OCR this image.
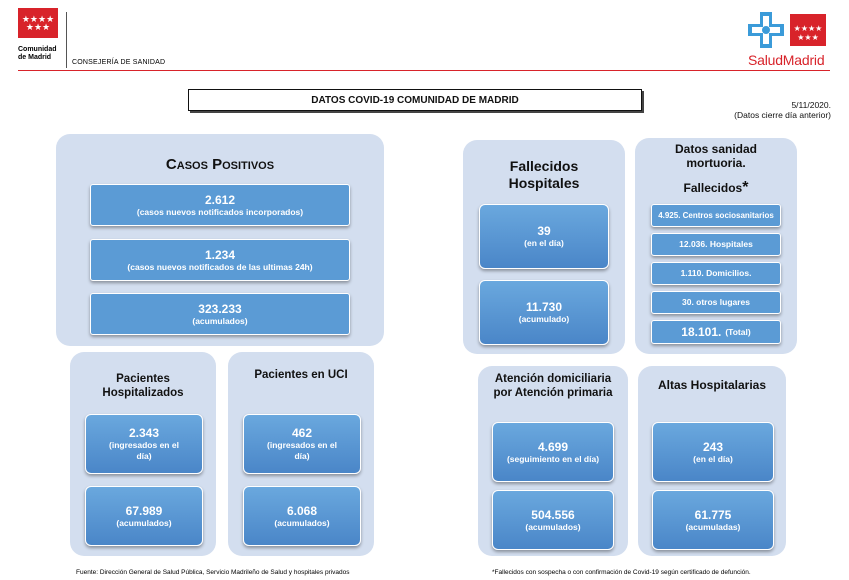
★★★★
★★★
Comunidad
de Madrid
CONSEJERÍA DE SANIDAD
★★★★
★★★
SaludMadrid
DATOS COVID-19 COMUNIDAD DE MADRID	5/11/2020.
(Datos cierre día anterior)
Casos Positivos
2.612
(casos nuevos notificados incorporados)
1.234
(casos nuevos notificados de las ultimas 24h)
323.233
(acumulados)
Pacientes Hospitalizados
2.343
(ingresados en el día)
67.989
(acumulados)
Pacientes en UCI
462
(ingresados en el día)
6.068
(acumulados)
Fallecidos Hospitales
39
(en el día)
11.730
(acumulado)
Datos sanidad mortuoria.
Fallecidos*
4.925. Centros sociosanitarios
12.036. Hospitales
1.110. Domicilios.
30. otros lugares
18.101. (Total)
Atención domiciliaria por Atención primaria
4.699
(seguimiento en el día)
504.556
(acumulados)
Altas Hospitalarias
243
(en el día)
61.775
(acumuladas)
Fuente: Dirección General de Salud Pública, Servicio Madrileño de Salud y hospitales privados	*Fallecidos con sospecha o con confirmación de Covid-19 según certificado de defunción.
